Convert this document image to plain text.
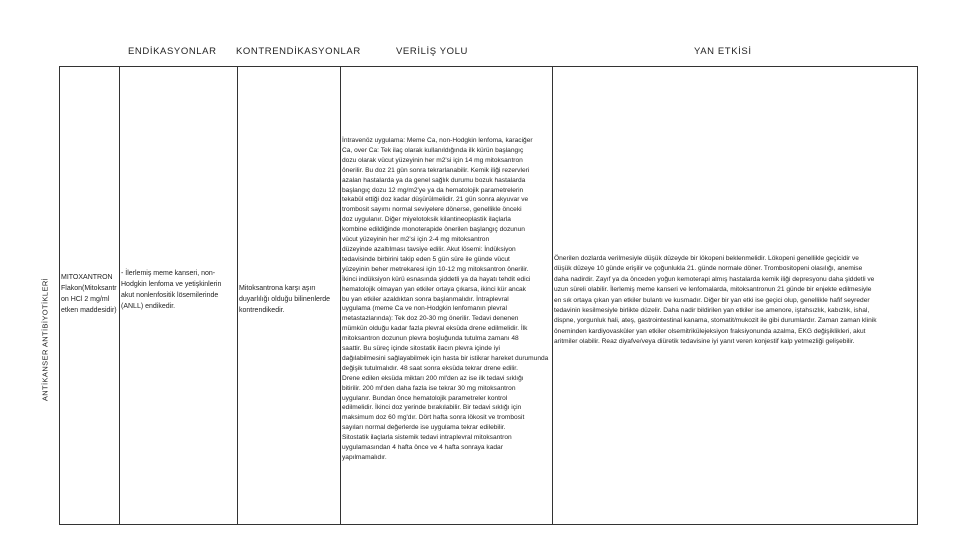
ENDİKASYONLAR KONTRENDİKASYONLAR	VERİLİŞ YOLU	YAN ETKİSİ
ANTİKANSER ANTİBİYOTİKLERİ

MITOXANTRON

Flakon(Mitoksantr

on HCl 2 mg/ml

etken maddesidir)

- İlerlemiş meme kanseri, non-

Hodgkin lenfoma ve yetişkinlerin

akut nonlenfositik lösemilerinde

(ANLL) endikedir.

Mitoksantrona karşı aşırı

duyarlılığı olduğu bilinenlerde

kontrendikedir.

İntravenöz uygulama: Meme Ca, non-Hodgkin lenfoma, karaciğer

Ca, over Ca: Tek ilaç olarak kullanıldığında ilk kürün başlangıç

dozu olarak vücut yüzeyinin her m2'si için 14 mg mitoksantron

önerilir. Bu doz 21 gün sonra tekrarlanabilir. Kemik iliği rezervleri

azalan hastalarda ya da genel sağlık durumu bozuk hastalarda

başlangıç dozu 12 mg/m2'ye ya da hematolojik parametrelerin

tekabül ettiği doz kadar düşürülmelidir. 21 gün sonra akyuvar ve

trombosit sayımı normal seviyelere dönerse, genellikle önceki

doz uygulanır. Diğer miyelotoksik kilantineoplastik ilaçlarla

kombine edildiğinde monoterapide önerilen başlangıç dozunun

vücut yüzeyinin her m2'si için 2-4 mg mitoksantron

düzeyinde azaltılması tavsiye edilir. Akut lösemi: İndüksiyon

tedavisinde birbirini takip eden 5 gün süre ile günde vücut

yüzeyinin beher metrekaresi için 10-12 mg mitoksantron önerilir.

İkinci indüksiyon kürü esnasında şiddetli ya da hayatı tehdit edici

hematolojik olmayan yan etkiler ortaya çıkarsa, ikinci kür ancak

bu yan etkiler azaldıktan sonra başlanmalıdır. İntraplevral

uygulama (meme Ca ve non-Hodgkin lenfomanın plevral

metastazlarında): Tek doz 20-30 mg önerilir. Tedavi denenen

mümkün olduğu kadar fazla plevral eksüda drene edilmelidir. İlk

mitoksantron dozunun plevra boşluğunda tutulma zamanı 48

saattir. Bu süreç içinde sitostatik ilacın plevra içinde iyi

dağılabilmesini sağlayabilmek için hasta bir istikrar hareket durumunda

değişik tutulmalıdır. 48 saat sonra eksüda tekrar drene edilir.

Drene edilen eksüda miktarı 200 ml'den az ise ilk tedavi sıklığı

bitirilir. 200 ml'den daha fazla ise tekrar 30 mg mitoksantron

uygulanır. Bundan önce hematolojik parametreler kontrol

edilmelidir. İkinci doz yerinde bırakılabilir. Bir tedavi sıklığı için

maksimum doz 60 mg'dır. Dört hafta sonra lökosit ve trombosit

sayıları normal değerlerde ise uygulama tekrar edilebilir.

Sitostatik ilaçlarla sistemik tedavi intraplevral mitoksantron

uygulamasından 4 hafta önce ve 4 hafta sonraya kadar

yapılmamalıdır.

Önerilen dozlarda verilmesiyle düşük düzeyde bir lökopeni beklenmelidir. Lökopeni genellikle geçicidir ve

düşük düzeye 10 günde erişilir ve çoğunlukla 21. günde normale döner. Trombositopeni olasılığı, anemise

daha nadirdir. Zayıf ya da önceden yoğun kemoterapi almış hastalarda kemik iliği depresyonu daha şiddetli ve

uzun süreli olabilir. İlerlemiş meme kanseri ve lenfomalarda, mitoksantronun 21 günde bir enjekte edilmesiyle

en sık ortaya çıkan yan etkiler bulantı ve kusmadır. Diğer bir yan etki ise geçici olup, genellikle hafif seyreder

tedavinin kesilmesiyle birlikte düzelir. Daha nadir bildirilen yan etkiler ise amenore, iştahsızlık, kabızlık, ishal,

dispne, yorgunluk hali, ateş, gastrointestinal kanama, stomatit/mukozit ile gibi durumlardır. Zaman zaman klinik

öneminden kardiyovasküler yan etkiler olsemitrikülejeksiyon fraksiyonunda azalma, EKG değişiklikleri, akut

aritmiler olabilir. Reaz diyafve/veya diüretik tedavisine iyi yanıt veren konjestif kalp yetmezliği gelişebilir.
